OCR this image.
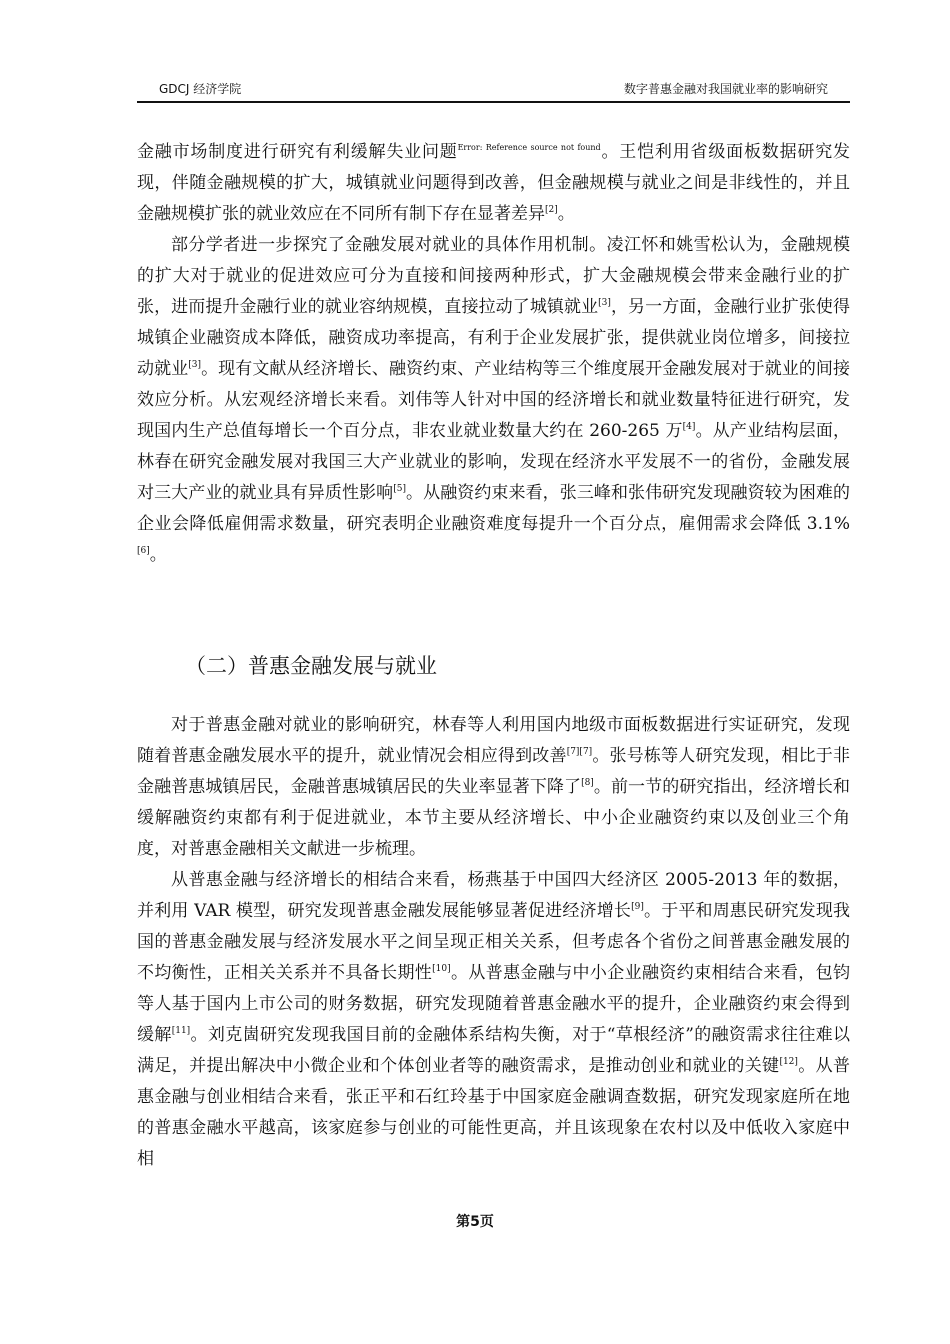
GDCJ 经济学院	数字普惠金融对我国就业率的影响研究

金融市场制度进行研究有利缓解失业问题$^{Error: Reference source not found}$。王恺利用省级面板数据研究发现，伴随金融规模的扩大，城镇就业问题得到改善，但金融规模与就业之间是非线性的，并且金融规模扩张的就业效应在不同所有制下存在显著差异[2]。

部分学者进一步探究了金融发展对就业的具体作用机制。凌江怀和姚雪松认为，金融规模的扩大对于就业的促进效应可分为直接和间接两种形式，扩大金融规模会带来金融行业的扩张，进而提升金融行业的就业容纳规模，直接拉动了城镇就业[3]，另一方面，金融行业扩张使得城镇企业融资成本降低，融资成功率提高，有利于企业发展扩张，提供就业岗位增多，间接拉动就业[3]。现有文献从经济增长、融资约束、产业结构等三个维度展开金融发展对于就业的间接效应分析。从宏观经济增长来看。刘伟等人针对中国的经济增长和就业数量特征进行研究，发现国内生产总值每增长一个百分点，非农业就业数量大约在 260-265 万[4]。从产业结构层面，林春在研究金融发展对我国三大产业就业的影响，发现在经济水平发展不一的省份，金融发展对三大产业的就业具有异质性影响[5]。从融资约束来看，张三峰和张伟研究发现融资较为困难的企业会降低雇佣需求数量，研究表明企业融资难度每提升一个百分点，雇佣需求会降低 3.1%[6]。

（二）普惠金融发展与就业

对于普惠金融对就业的影响研究，林春等人利用国内地级市面板数据进行实证研究，发现随着普惠金融发展水平的提升，就业情况会相应得到改善[7][7]。张号栋等人研究发现，相比于非金融普惠城镇居民，金融普惠城镇居民的失业率显著下降了[8]。前一节的研究指出，经济增长和缓解融资约束都有利于促进就业，本节主要从经济增长、中小企业融资约束以及创业三个角度，对普惠金融相关文献进一步梳理。

从普惠金融与经济增长的相结合来看，杨燕基于中国四大经济区 2005-2013 年的数据，并利用 VAR 模型，研究发现普惠金融发展能够显著促进经济增长[9]。于平和周惠民研究发现我国的普惠金融发展与经济发展水平之间呈现正相关关系，但考虑各个省份之间普惠金融发展的不均衡性，正相关关系并不具备长期性[10]。从普惠金融与中小企业融资约束相结合来看，包钧等人基于国内上市公司的财务数据，研究发现随着普惠金融水平的提升，企业融资约束会得到缓解[11]。刘克崮研究发现我国目前的金融体系结构失衡，对于“草根经济”的融资需求往往难以满足，并提出解决中小微企业和个体创业者等的融资需求，是推动创业和就业的关键[12]。从普惠金融与创业相结合来看，张正平和石红玲基于中国家庭金融调查数据，研究发现家庭所在地的普惠金融水平越高，该家庭参与创业的可能性更高，并且该现象在农村以及中低收入家庭中相

第5页
